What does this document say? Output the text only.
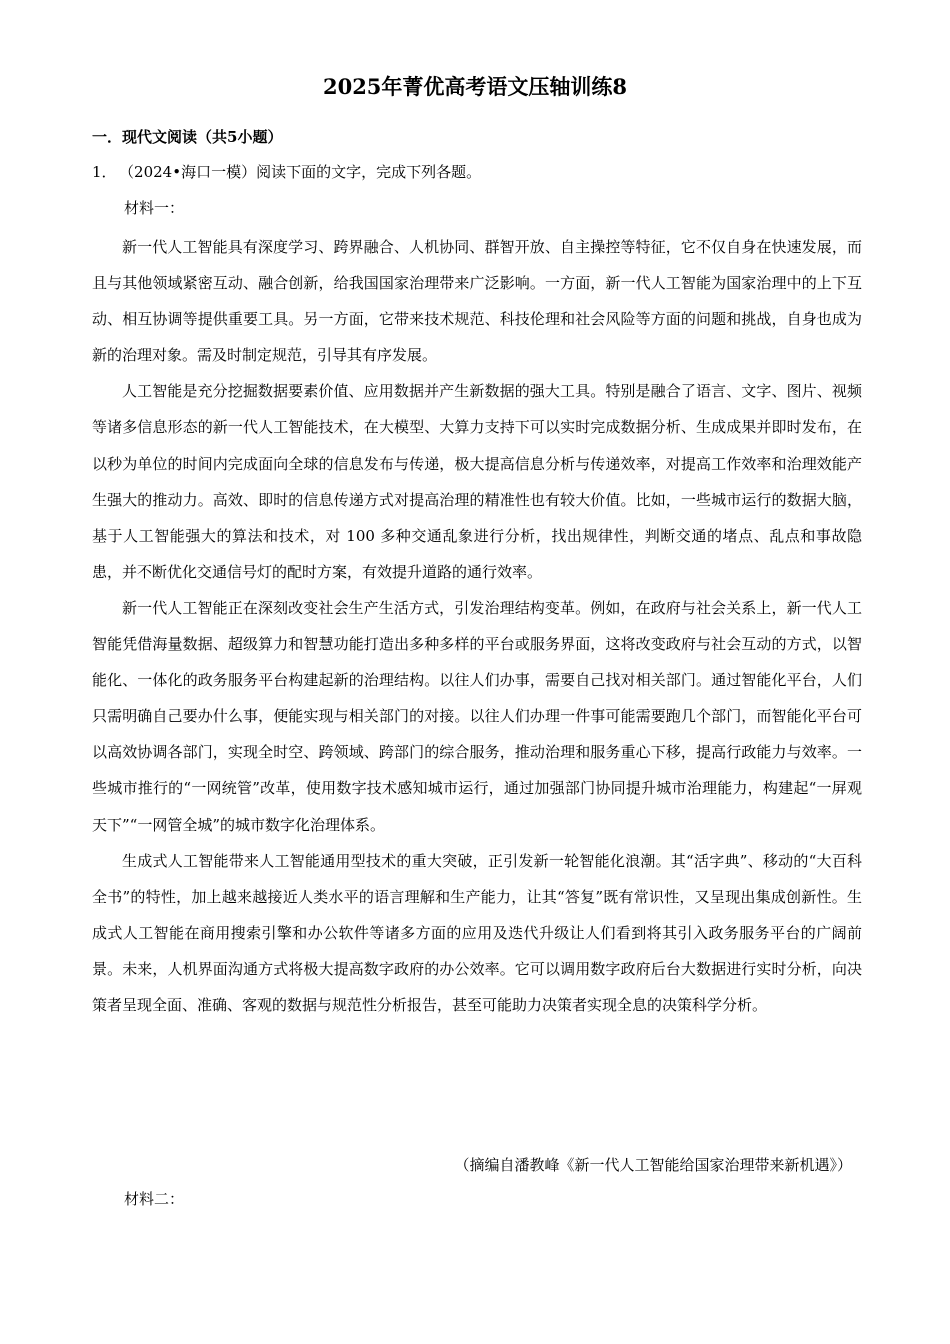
2025年菁优高考语文压轴训练8
一．现代文阅读（共5小题）
1． （2024•海口一模）阅读下面的文字，完成下列各题。
材料一：

新一代人工智能具有深度学习、跨界融合、人机协同、群智开放、自主操控等特征，它不仅自身在快速发展，而且与其他领域紧密互动、融合创新，给我国国家治理带来广泛影响。一方面，新一代人工智能为国家治理中的上下互动、相互协调等提供重要工具。另一方面，它带来技术规范、科技伦理和社会风险等方面的问题和挑战，自身也成为新的治理对象。需及时制定规范，引导其有序发展。

人工智能是充分挖掘数据要素价值、应用数据并产生新数据的强大工具。特别是融合了语言、文字、图片、视频等诸多信息形态的新一代人工智能技术，在大模型、大算力支持下可以实时完成数据分析、生成成果并即时发布，在以秒为单位的时间内完成面向全球的信息发布与传递，极大提高信息分析与传递效率，对提高工作效率和治理效能产生强大的推动力。高效、即时的信息传递方式对提高治理的精准性也有较大价值。比如，一些城市运行的数据大脑，基于人工智能强大的算法和技术，对 100 多种交通乱象进行分析，找出规律性，判断交通的堵点、乱点和事故隐患，并不断优化交通信号灯的配时方案，有效提升道路的通行效率。

新一代人工智能正在深刻改变社会生产生活方式，引发治理结构变革。例如，在政府与社会关系上，新一代人工智能凭借海量数据、超级算力和智慧功能打造出多种多样的平台或服务界面，这将改变政府与社会互动的方式，以智能化、一体化的政务服务平台构建起新的治理结构。以往人们办事，需要自己找对相关部门。通过智能化平台，人们只需明确自己要办什么事，便能实现与相关部门的对接。以往人们办理一件事可能需要跑几个部门，而智能化平台可以高效协调各部门，实现全时空、跨领域、跨部门的综合服务，推动治理和服务重心下移，提高行政能力与效率。一些城市推行的“一网统管”改革，使用数字技术感知城市运行，通过加强部门协同提升城市治理能力，构建起“一屏观天下”“一网管全城”的城市数字化治理体系。

生成式人工智能带来人工智能通用型技术的重大突破，正引发新一轮智能化浪潮。其“活字典”、移动的“大百科全书”的特性，加上越来越接近人类水平的语言理解和生产能力，让其“答复”既有常识性，又呈现出集成创新性。生成式人工智能在商用搜索引擎和办公软件等诸多方面的应用及迭代升级让人们看到将其引入政务服务平台的广阔前景。未来，人机界面沟通方式将极大提高数字政府的办公效率。它可以调用数字政府后台大数据进行实时分析，向决策者呈现全面、准确、客观的数据与规范性分析报告，甚至可能助力决策者实现全息的决策科学分析。

（摘编自潘教峰《新一代人工智能给国家治理带来新机遇》）
材料二：
